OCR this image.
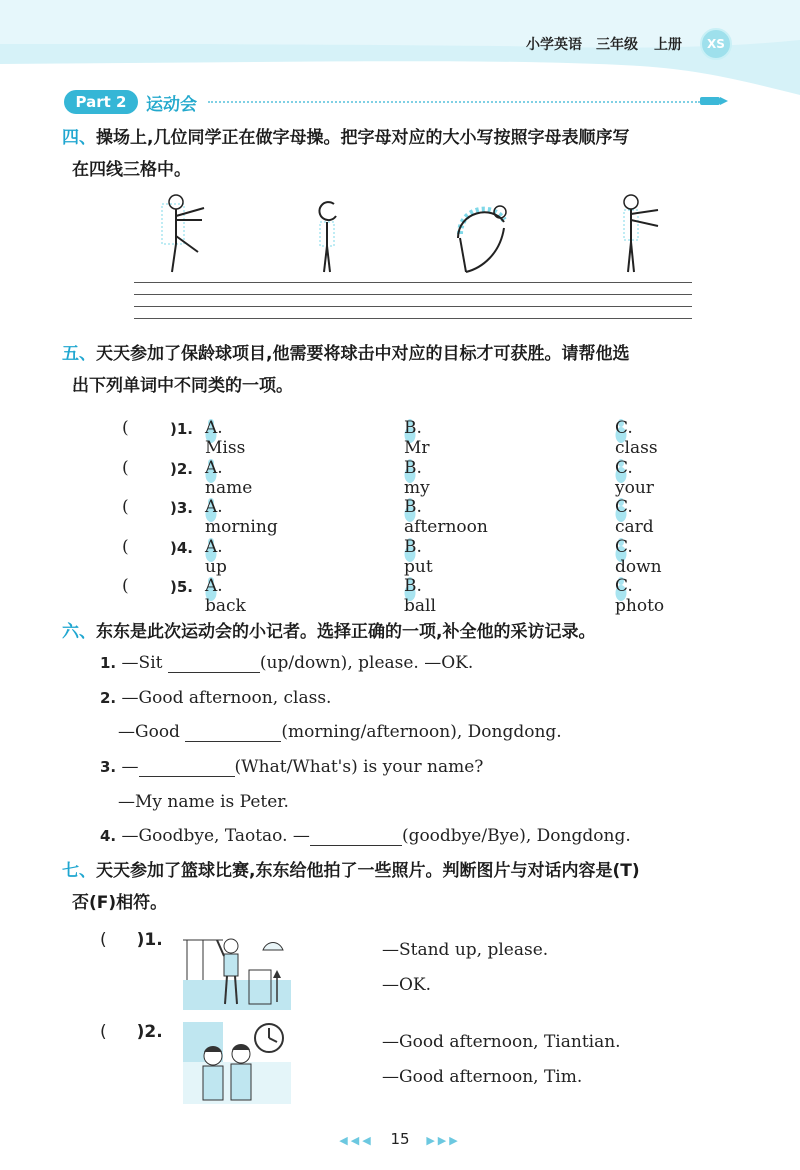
小学英语 三年级 上册	XS
Part 2	运动会
四、操场上,几位同学正在做字母操。把字母对应的大小写按照字母表顺序写
在四线三格中。
五、天天参加了保龄球项目,他需要将球击中对应的目标才可获胜。请帮他选
出下列单词中不同类的一项。
(	)1. A. Miss
B. Mr
C. class
(	)2. A. name
B. my
C. your
(	)3. A. morning
B. afternoon
C. card
(	)4. A. up
B. put
C. down
(	)5. A. back
B. ball
C. photo
六、东东是此次运动会的小记者。选择正确的一项,补全他的采访记录。
1. —Sit	(up/down), please. —OK.
2. —Good afternoon, class.
—Good	(morning/afternoon), Dongdong.
3. —	(What/What's) is your name?
—My name is Peter.
4. —Goodbye, Taotao. —	(goodbye/Bye), Dongdong.
七、天天参加了篮球比赛,东东给他拍了一些照片。判断图片与对话内容是(T)
否(F)相符。
( )1.	—Stand up, please.
—OK.
( )2.	—Good afternoon, Tiantian.
—Good afternoon, Tim.
◀◀◀ 15 ▶▶▶
